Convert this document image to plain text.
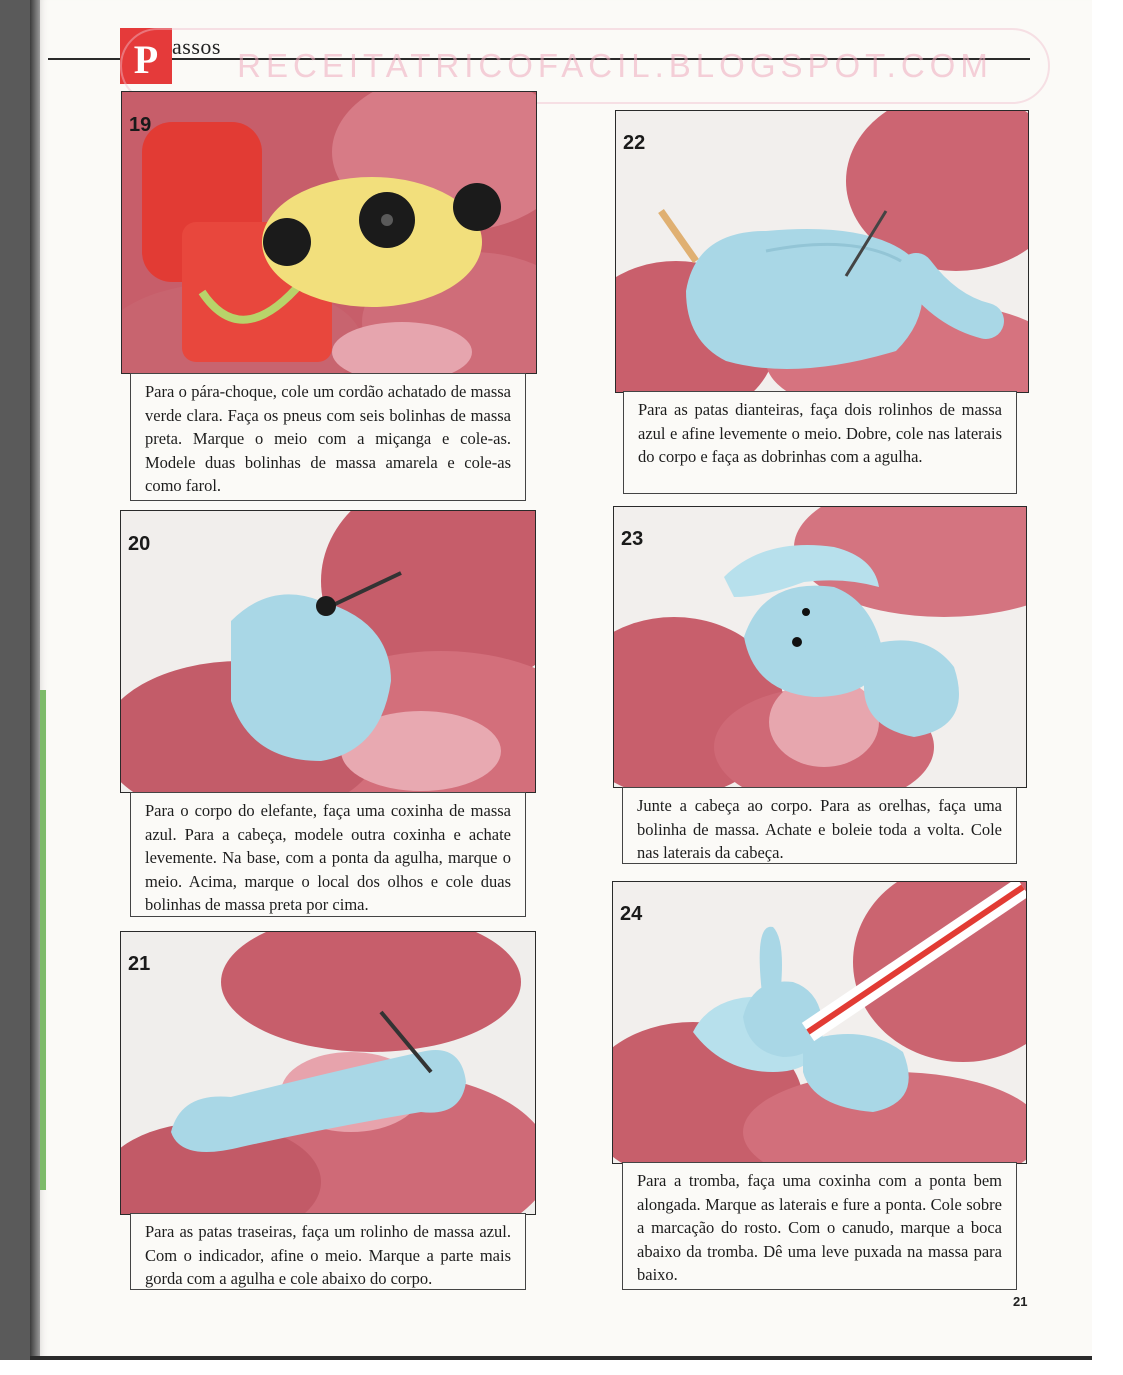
P assos
RECEITATRICOFACIL.BLOGSPOT.COM
19
Para o pára-choque, cole um cordão achatado de massa verde clara. Faça os pneus com seis bolinhas de massa preta. Marque o meio com a miçanga e cole-as. Modele duas bolinhas de massa amarela e cole-as como farol.
20
Para o corpo do elefante, faça uma coxinha de massa azul. Para a cabeça, modele outra coxinha e achate levemente. Na base, com a ponta da agulha, marque o meio. Acima, marque o local dos olhos e cole duas bolinhas de massa preta por cima.
21
Para as patas traseiras, faça um rolinho de massa azul. Com o indicador, afine o meio. Marque a parte mais gorda com a agulha e cole abaixo do corpo.
22
Para as patas dianteiras, faça dois rolinhos de massa azul e afine levemente o meio. Dobre, cole nas laterais do corpo e faça as dobrinhas com a agulha.
23
Junte a cabeça ao corpo. Para as orelhas, faça uma bolinha de massa. Achate e boleie toda a volta. Cole nas laterais da cabeça.
24
Para a tromba, faça uma coxinha com a ponta bem alongada. Marque as laterais e fure a ponta. Cole sobre a marcação do rosto. Com o canudo, marque a boca abaixo da tromba. Dê uma leve puxada na massa para baixo.
21
